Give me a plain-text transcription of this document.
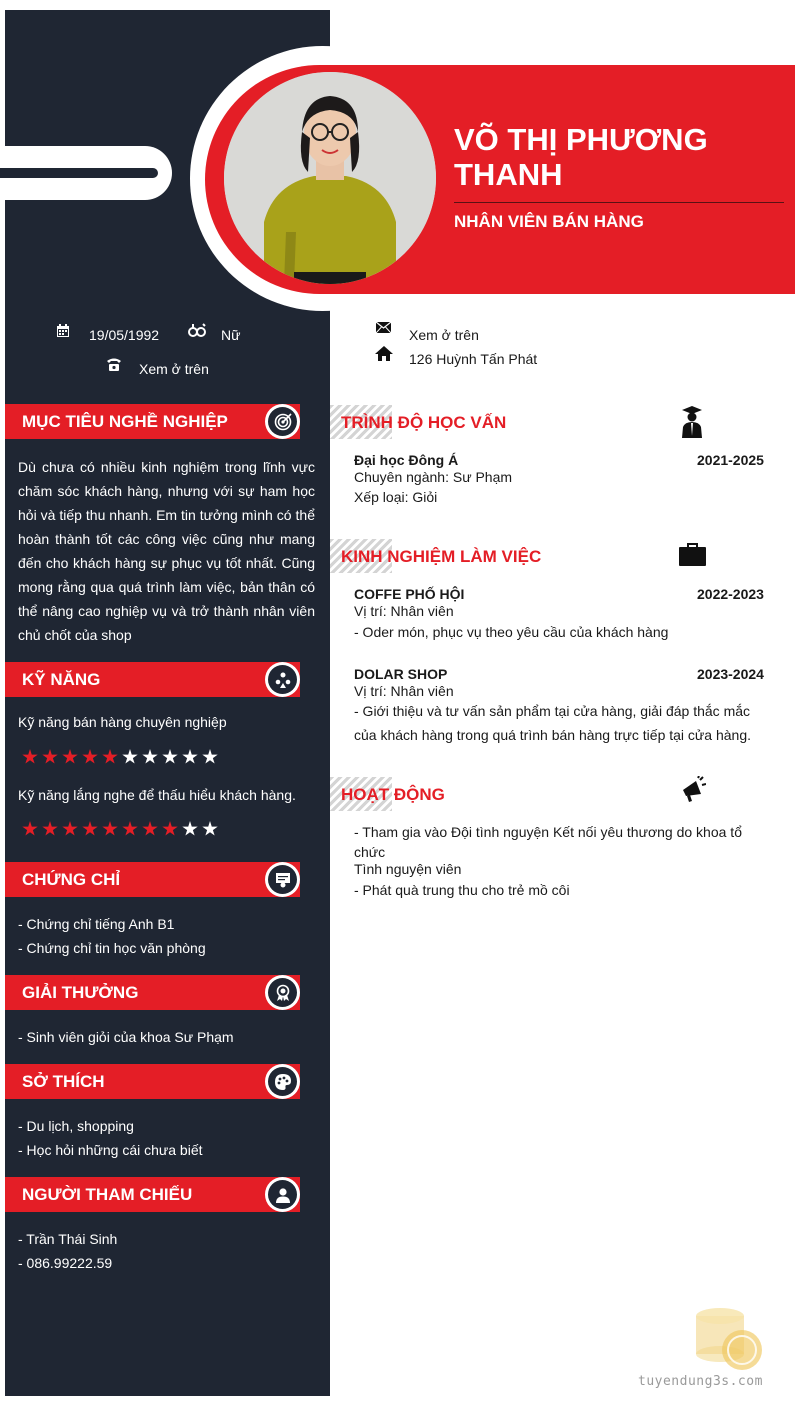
VÕ THỊ PHƯƠNG
THANH
NHÂN VIÊN BÁN HÀNG
19/05/1992	Nữ
Xem ở trên
Xem ở trên
126 Huỳnh Tấn Phát
MỤC TIÊU NGHỀ NGHIỆP
Dù chưa có nhiều kinh nghiệm trong lĩnh vực chăm sóc khách hàng, nhưng với sự ham học hỏi và tiếp thu nhanh. Em tin tưởng mình có thể hoàn thành tốt các công việc cũng như mang đến cho khách hàng sự phục vụ tốt nhất. Cũng mong rằng qua quá trình làm việc, bản thân có thể nâng cao nghiệp vụ và trở thành nhân viên chủ chốt của shop
KỸ NĂNG
Kỹ năng bán hàng chuyên nghiệp
Kỹ năng lắng nghe để thấu hiểu khách hàng.
CHỨNG CHỈ
- Chứng chỉ tiếng Anh B1
- Chứng chỉ tin học văn phòng
GIẢI THƯỞNG
- Sinh viên giỏi của khoa Sư Phạm
SỞ THÍCH
- Du lịch, shopping
- Học hỏi những cái chưa biết
NGƯỜI THAM CHIẾU
- Trần Thái Sinh
- 086.99222.59
TRÌNH ĐỘ HỌC VẤN
Đại học Đông Á	2021-2025
Chuyên ngành: Sư Phạm
Xếp loại: Giỏi
KINH NGHIỆM LÀM VIỆC
COFFE PHỐ HỘI	2022-2023
Vị trí: Nhân viên
- Oder món, phục vụ theo yêu cầu của khách hàng
DOLAR SHOP	2023-2024
Vị trí: Nhân viên
- Giới thiệu và tư vấn sản phẩm tại cửa hàng, giải đáp thắc mắc
của khách hàng trong quá trình bán hàng trực tiếp tại cửa hàng.
HOẠT ĐỘNG
- Tham gia vào Đội tình nguyện Kết nối yêu thương do khoa tổ
chức
Tình nguyện viên
- Phát quà trung thu cho trẻ mồ côi
tuyendung3s.com
